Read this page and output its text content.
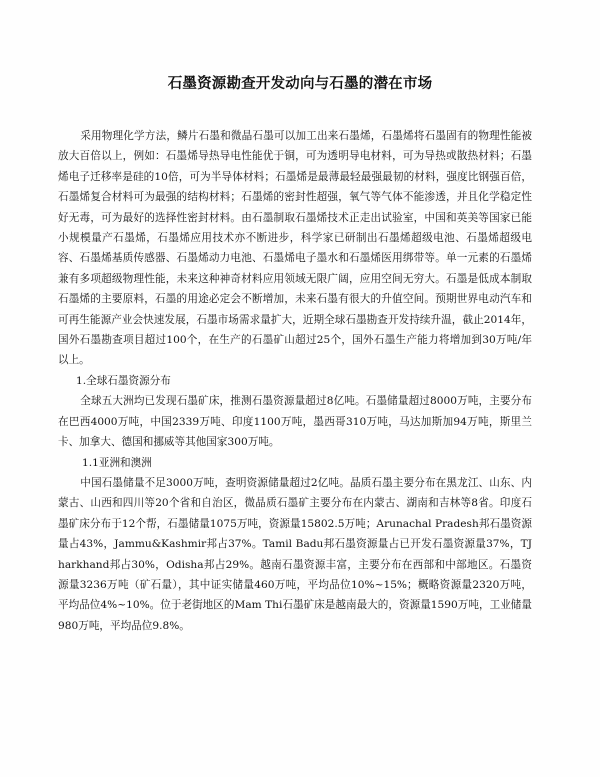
石墨资源勘查开发动向与石墨的潜在市场

采用物理化学方法，鳞片石墨和微晶石墨可以加工出来石墨烯，石墨烯将石墨固有的物理性能被放大百倍以上，例如：石墨烯导热导电性能优于铜，可为透明导电材料，可为导热或散热材料；石墨烯电子迁移率是硅的10倍，可为半导体材料；石墨烯是最薄最轻最强最韧的材料，强度比钢强百倍，石墨烯复合材料可为最强的结构材料；石墨烯的密封性超强，氧气等气体不能渗透，并且化学稳定性好无毒，可为最好的选择性密封材料。由石墨制取石墨烯技术正走出试验室，中国和英美等国家已能小规模量产石墨烯，石墨烯应用技术亦不断进步，科学家已研制出石墨烯超级电池、石墨烯超级电容、石墨烯基质传感器、石墨烯动力电池、石墨烯电子墨水和石墨烯医用绑带等。单一元素的石墨烯兼有多项超级物理性能，未来这种神奇材料应用领域无限广阔，应用空间无穷大。石墨是低成本制取石墨烯的主要原料，石墨的用途必定会不断增加，未来石墨有很大的升值空间。预期世界电动汽车和可再生能源产业会快速发展，石墨市场需求量扩大，近期全球石墨勘查开发持续升温，截止2014年，国外石墨勘查项目超过100个，在生产的石墨矿山超过25个，国外石墨生产能力将增加到30万吨/年以上。

1.全球石墨资源分布

全球五大洲均已发现石墨矿床，推测石墨资源量超过8亿吨。石墨储量超过8000万吨，主要分布在巴西4000万吨，中国2339万吨、印度1100万吨，墨西哥310万吨，马达加斯加94万吨，斯里兰卡、加拿大、德国和挪威等其他国家300万吨。

1.1亚洲和澳洲

中国石墨储量不足3000万吨，查明资源储量超过2亿吨。晶质石墨主要分布在黑龙江、山东、内蒙古、山西和四川等20个省和自治区，微晶质石墨矿主要分布在内蒙古、湖南和吉林等8省。印度石墨矿床分布于12个帮，石墨储量1075万吨，资源量15802.5万吨；Arunachal Pradesh邦石墨资源量占43%，Jammu&Kashmir邦占37%。Tamil Badu邦石墨资源量占已开发石墨资源量37%，TJharkhand邦占30%，Odisha邦占29%。越南石墨资源丰富，主要分布在西部和中部地区。石墨资源量3236万吨（矿石量），其中证实储量460万吨，平均品位10%~15%；概略资源量2320万吨，平均品位4%~10%。位于老街地区的Mam Thi石墨矿床是越南最大的，资源量1590万吨，工业储量980万吨，平均品位9.8%。
